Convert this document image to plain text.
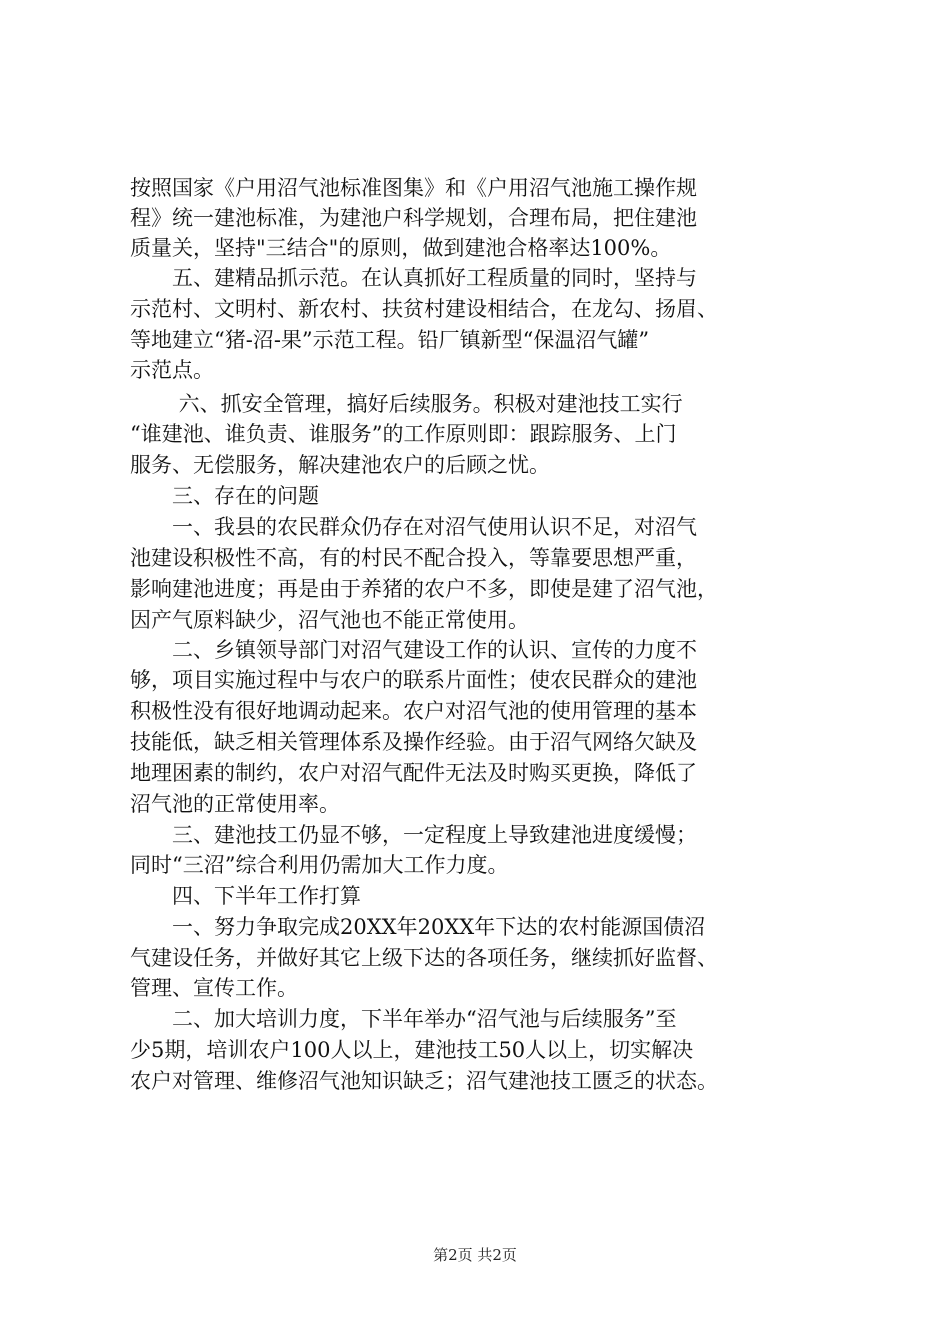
按照国家《户用沼气池标准图集》和《户用沼气池施工操作规
程》统一建池标准，为建池户科学规划，合理布局，把住建池
质量关，坚持"三结合"的原则，做到建池合格率达100%。
　　五、建精品抓示范。在认真抓好工程质量的同时，坚持与
示范村、文明村、新农村、扶贫村建设相结合，在龙勾、扬眉、
等地建立“猪-沼-果”示范工程。铅厂镇新型“保温沼气罐”
示范点。
　　 六、抓安全管理，搞好后续服务。积极对建池技工实行
“谁建池、谁负责、谁服务”的工作原则即：跟踪服务、上门
服务、无偿服务，解决建池农户的后顾之忧。
　　三、存在的问题
　　一、我县的农民群众仍存在对沼气使用认识不足，对沼气
池建设积极性不高，有的村民不配合投入，等靠要思想严重，
影响建池进度；再是由于养猪的农户不多，即使是建了沼气池，
因产气原料缺少，沼气池也不能正常使用。
　　二、乡镇领导部门对沼气建设工作的认识、宣传的力度不
够，项目实施过程中与农户的联系片面性；使农民群众的建池
积极性没有很好地调动起来。农户对沼气池的使用管理的基本
技能低，缺乏相关管理体系及操作经验。由于沼气网络欠缺及
地理困素的制约，农户对沼气配件无法及时购买更换，降低了
沼气池的正常使用率。
　　三、建池技工仍显不够，一定程度上导致建池进度缓慢；
同时“三沼”综合利用仍需加大工作力度。
　　四、下半年工作打算
　　一、努力争取完成20XX年20XX年下达的农村能源国债沼
气建设任务，并做好其它上级下达的各项任务，继续抓好监督、
管理、宣传工作。
　　二、加大培训力度，下半年举办“沼气池与后续服务”至
少5期，培训农户100人以上，建池技工50人以上，切实解决
农户对管理、维修沼气池知识缺乏；沼气建池技工匮乏的状态。
第2页 共2页
